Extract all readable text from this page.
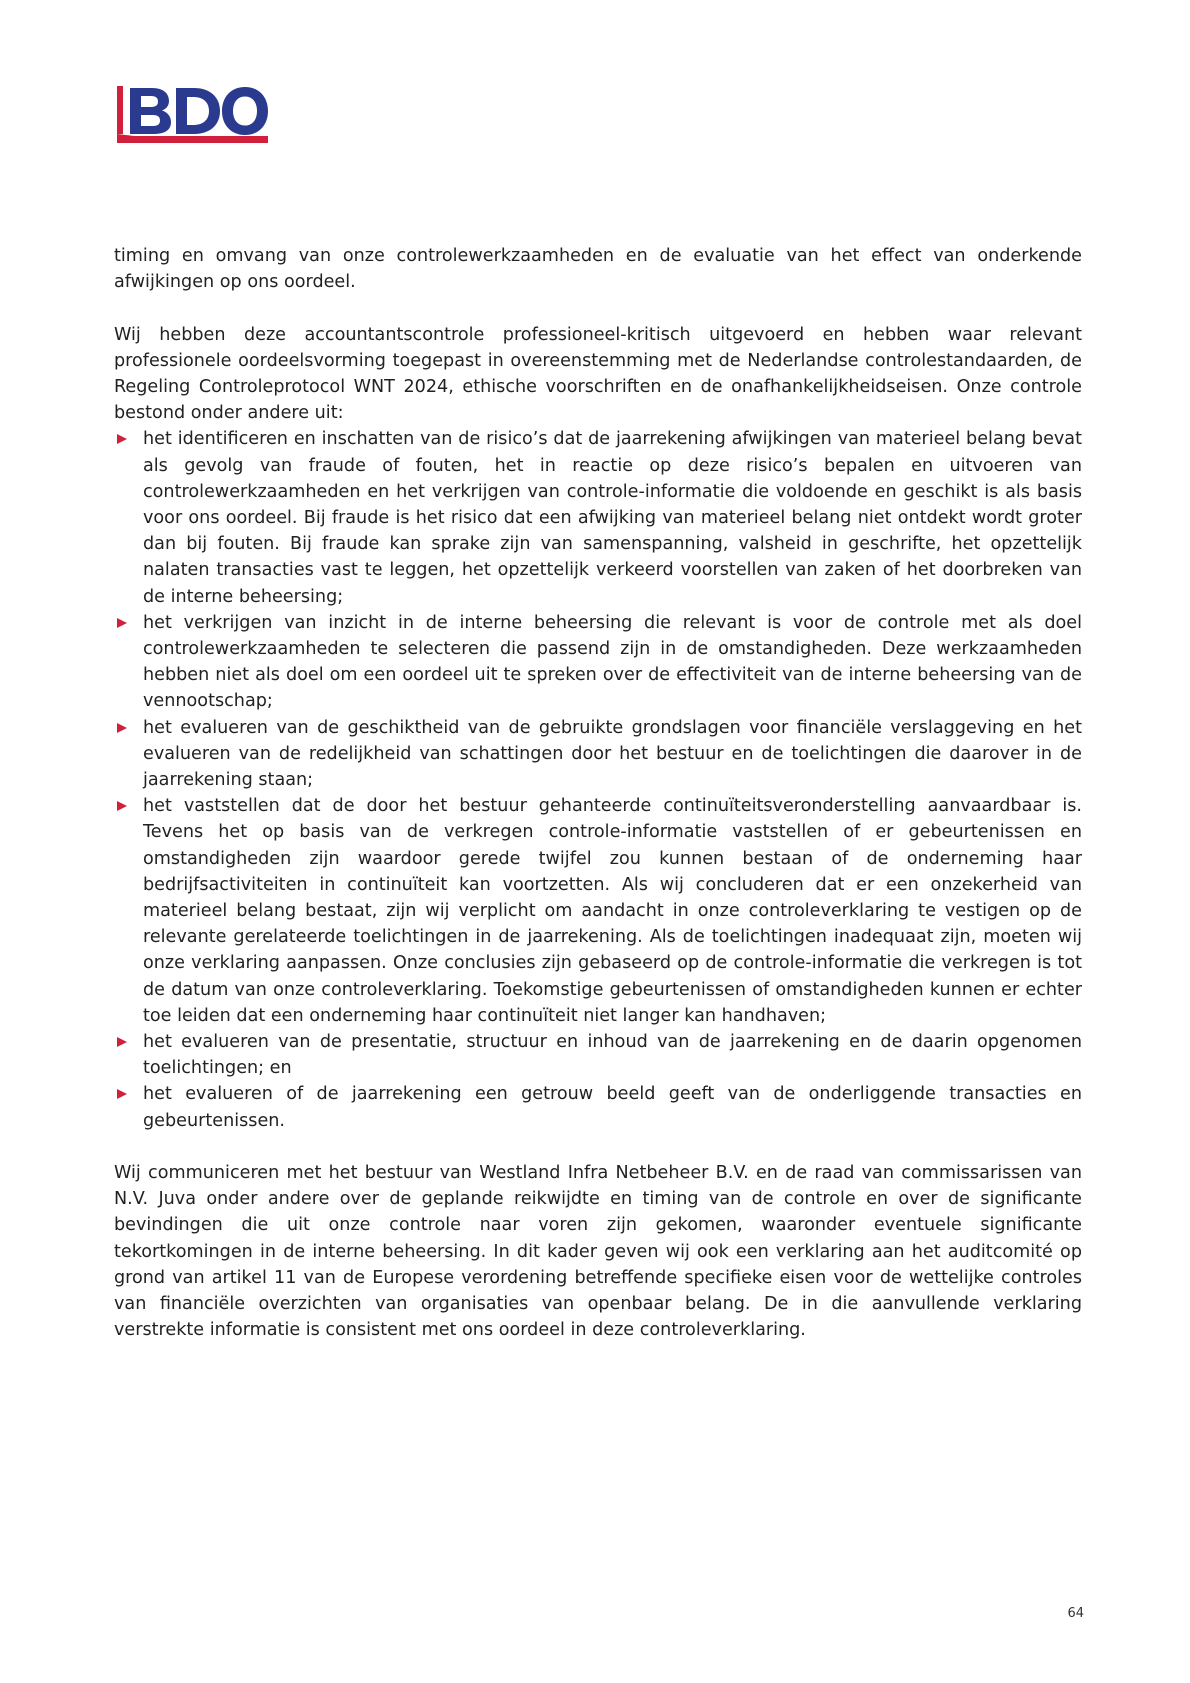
timing en omvang van onze controlewerkzaamheden en de evaluatie van het effect van onderkende afwijkingen op ons oordeel.

Wij hebben deze accountantscontrole professioneel-kritisch uitgevoerd en hebben waar relevant professionele oordeelsvorming toegepast in overeenstemming met de Nederlandse controlestandaarden, de Regeling Controleprotocol WNT 2024, ethische voorschriften en de onafhankelijkheidseisen. Onze controle bestond onder andere uit:

het identificeren en inschatten van de risico’s dat de jaarrekening afwijkingen van materieel belang bevat als gevolg van fraude of fouten, het in reactie op deze risico’s bepalen en uitvoeren van controlewerkzaamheden en het verkrijgen van controle-informatie die voldoende en geschikt is als basis voor ons oordeel. Bij fraude is het risico dat een afwijking van materieel belang niet ontdekt wordt groter dan bij fouten. Bij fraude kan sprake zijn van samenspanning, valsheid in geschrifte, het opzettelijk nalaten transacties vast te leggen, het opzettelijk verkeerd voorstellen van zaken of het doorbreken van de interne beheersing;
het verkrijgen van inzicht in de interne beheersing die relevant is voor de controle met als doel controlewerkzaamheden te selecteren die passend zijn in de omstandigheden. Deze werkzaamheden hebben niet als doel om een oordeel uit te spreken over de effectiviteit van de interne beheersing van de vennootschap;
het evalueren van de geschiktheid van de gebruikte grondslagen voor financiële verslaggeving en het evalueren van de redelijkheid van schattingen door het bestuur en de toelichtingen die daarover in de jaarrekening staan;
het vaststellen dat de door het bestuur gehanteerde continuïteitsveronderstelling aanvaardbaar is. Tevens het op basis van de verkregen controle-informatie vaststellen of er gebeurtenissen en omstandigheden zijn waardoor gerede twijfel zou kunnen bestaan of de onderneming haar bedrijfsactiviteiten in continuïteit kan voortzetten. Als wij concluderen dat er een onzekerheid van materieel belang bestaat, zijn wij verplicht om aandacht in onze controleverklaring te vestigen op de relevante gerelateerde toelichtingen in de jaarrekening. Als de toelichtingen inadequaat zijn, moeten wij onze verklaring aanpassen. Onze conclusies zijn gebaseerd op de controle-informatie die verkregen is tot de datum van onze controleverklaring. Toekomstige gebeurtenissen of omstandigheden kunnen er echter toe leiden dat een onderneming haar continuïteit niet langer kan handhaven;
het evalueren van de presentatie, structuur en inhoud van de jaarrekening en de daarin opgenomen toelichtingen; en
het evalueren of de jaarrekening een getrouw beeld geeft van de onderliggende transacties en gebeurtenissen.

Wij communiceren met het bestuur van Westland Infra Netbeheer B.V. en de raad van commissarissen van N.V. Juva onder andere over de geplande reikwijdte en timing van de controle en over de significante bevindingen die uit onze controle naar voren zijn gekomen, waaronder eventuele significante tekortkomingen in de interne beheersing. In dit kader geven wij ook een verklaring aan het auditcomité op grond van artikel 11 van de Europese verordening betreffende specifieke eisen voor de wettelijke controles van financiële overzichten van organisaties van openbaar belang. De in die aanvullende verklaring verstrekte informatie is consistent met ons oordeel in deze controleverklaring.

64
